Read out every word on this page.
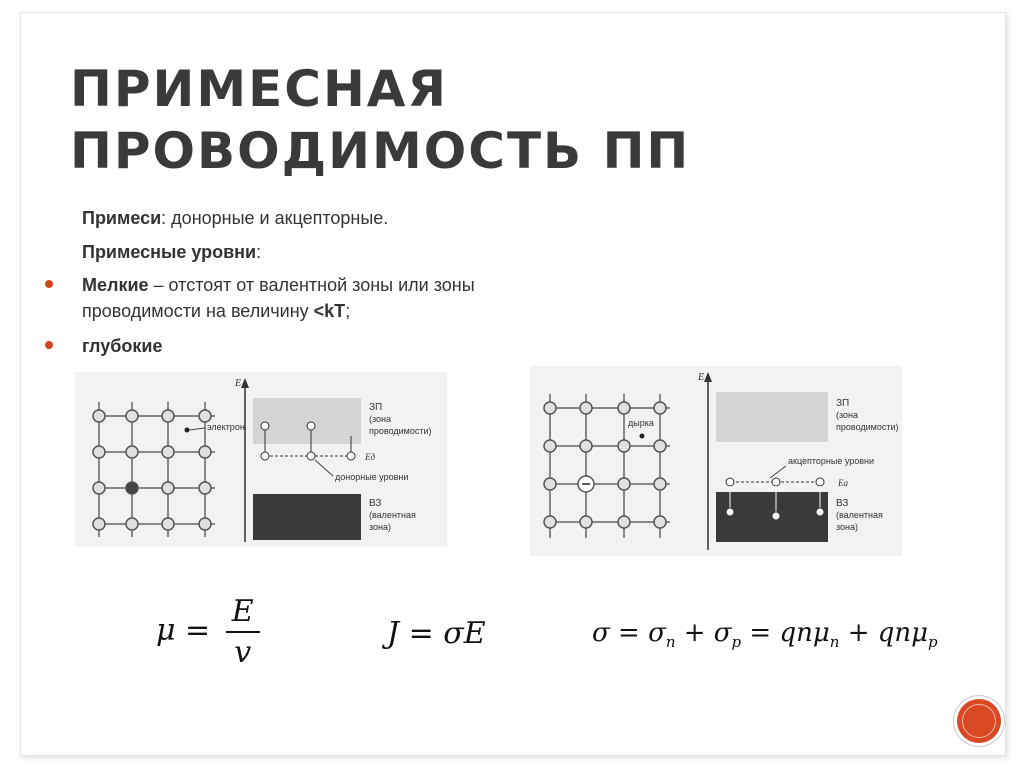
ПРИМЕСНАЯ ПРОВОДИМОСТЬ ПП
Примеси: донорные и акцепторные.
Примесные уровни:
Мелкие – отстоят от валентной зоны или зоны
проводимости на величину <kT;
глубокие
электрон
E
ЗП
(зона
проводимости)
Eд
донорные уровни
ВЗ
(валентная
зона)
дырка
E
ЗП
(зона
проводимости)
акцепторные уровни
Eа
ВЗ
(валентная
зона)
$\mu = \frac{E}{v}$	J = σE	$\sigma = \sigma_n + \sigma_p = qn\mu_n + qn\mu_p$
